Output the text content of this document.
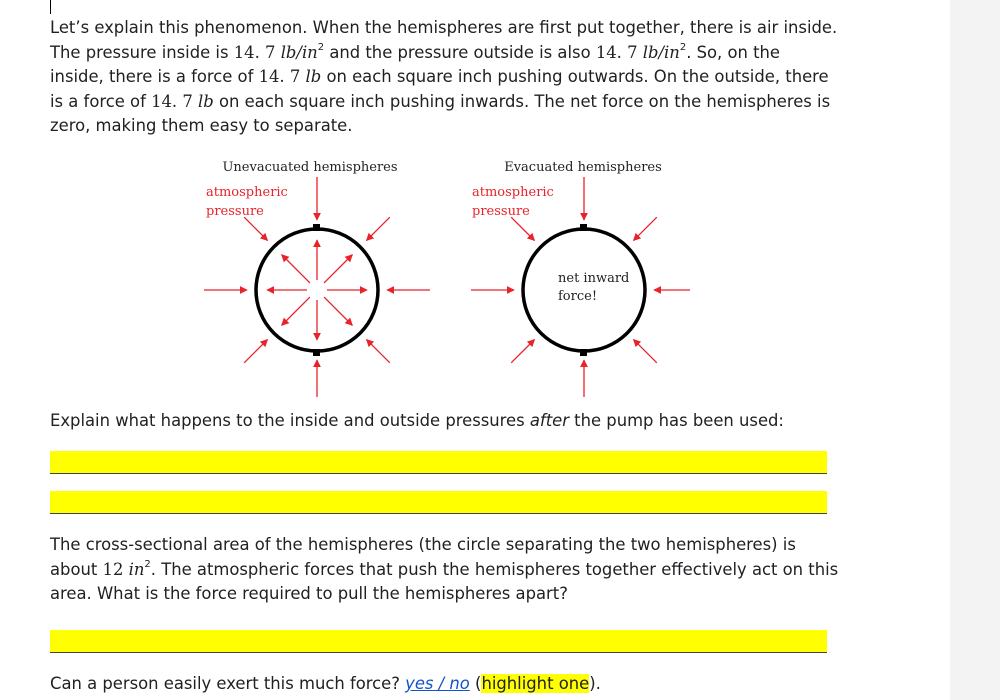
Let’s explain this phenomenon. When the hemispheres are first put together, there is air inside.
The pressure inside is 14. 7 $lb/in^2$ and the pressure outside is also 14. 7 $lb/in^2$. So, on the
inside, there is a force of 14. 7 lb on each square inch pushing outwards. On the outside, there
is a force of 14. 7 lb on each square inch pushing inwards. The net force on the hemispheres is
zero, making them easy to separate.
Unevacuated hemispheres	Evacuated hemispheres
atmospheric
pressure
atmospheric
pressure
net inward
force!
Explain what happens to the inside and outside pressures after the pump has been used:
The cross-sectional area of the hemispheres (the circle separating the two hemispheres) is
about 12 $in^2$. The atmospheric forces that push the hemispheres together effectively act on this
area. What is the force required to pull the hemispheres apart?
Can a person easily exert this much force? yes / no (highlight one).
